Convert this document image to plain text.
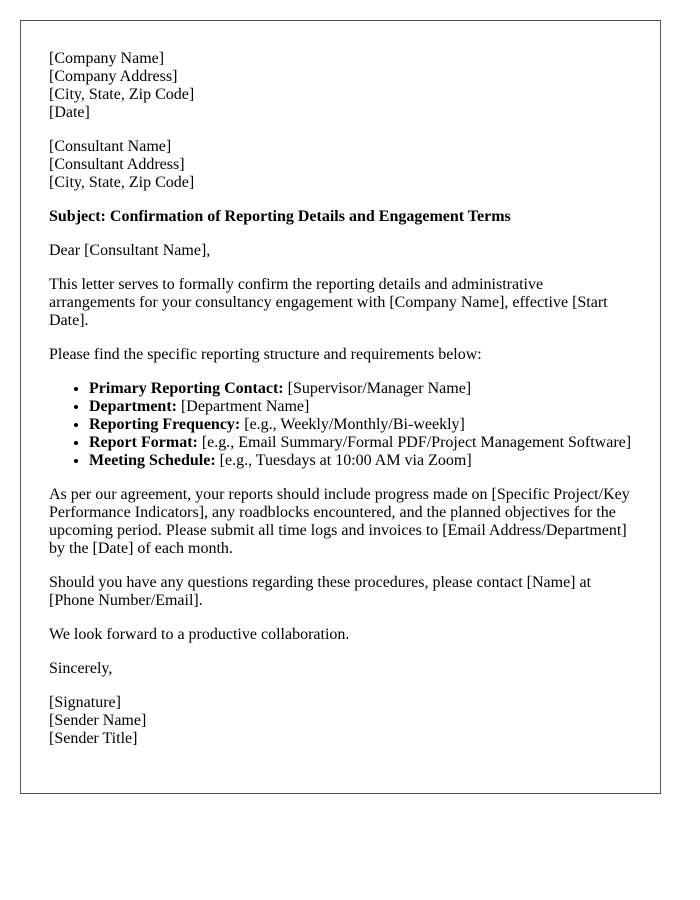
[Company Name]
[Company Address]
[City, State, Zip Code]
[Date]

[Consultant Name]
[Consultant Address]
[City, State, Zip Code]

Subject: Confirmation of Reporting Details and Engagement Terms

Dear [Consultant Name],

This letter serves to formally confirm the reporting details and administrative arrangements for your consultancy engagement with [Company Name], effective [Start Date].

Please find the specific reporting structure and requirements below:

• Primary Reporting Contact: [Supervisor/Manager Name]
• Department: [Department Name]
• Reporting Frequency: [e.g., Weekly/Monthly/Bi-weekly]
• Report Format: [e.g., Email Summary/Formal PDF/Project Management Software]
• Meeting Schedule: [e.g., Tuesdays at 10:00 AM via Zoom]

As per our agreement, your reports should include progress made on [Specific Project/Key Performance Indicators], any roadblocks encountered, and the planned objectives for the upcoming period. Please submit all time logs and invoices to [Email Address/Department] by the [Date] of each month.

Should you have any questions regarding these procedures, please contact [Name] at [Phone Number/Email].

We look forward to a productive collaboration.

Sincerely,

[Signature]
[Sender Name]
[Sender Title]
